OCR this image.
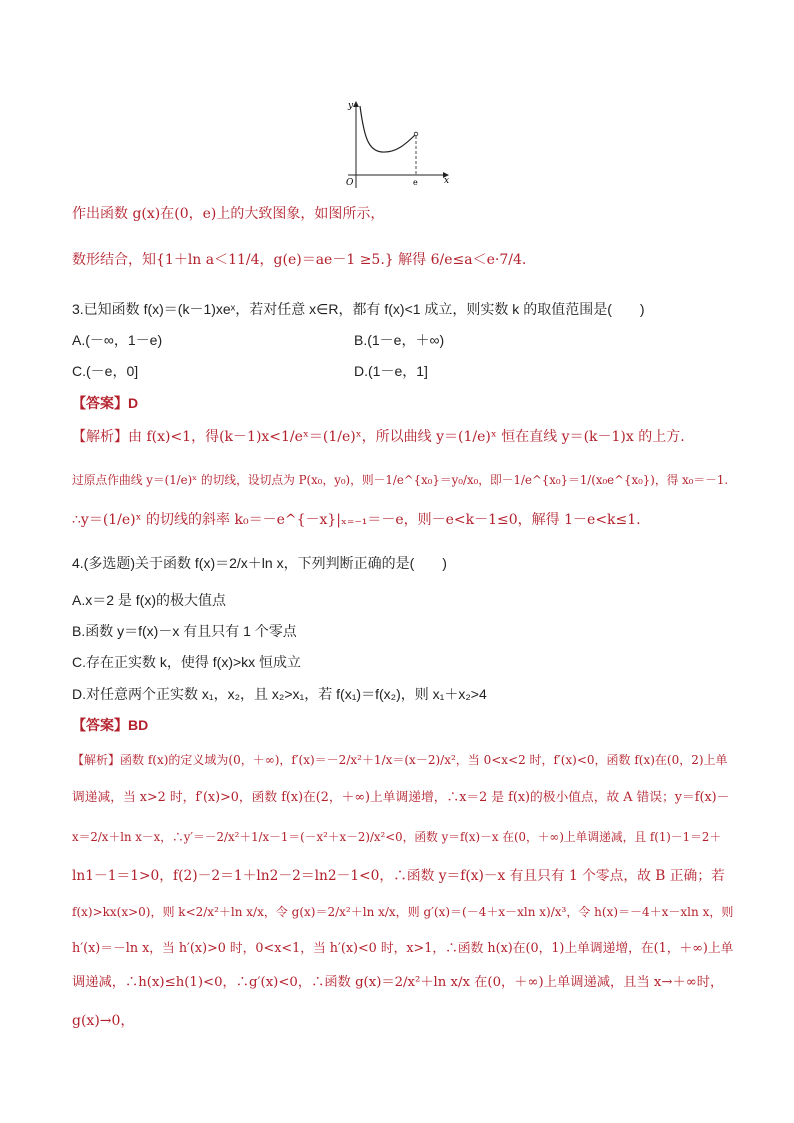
y
x
O	e
作出函数 g(x)在(0，e)上的大致图象，如图所示，
数形结合，知{1＋ln a＜11/4，g(e)＝ae－1 ≥5.} 解得 6/e≤a＜e·7/4.
3.已知函数 f(x)＝(k－1)xeˣ，若对任意 x∈R，都有 f(x)<1 成立，则实数 k 的取值范围是(　　)
A.(－∞，1－e)	B.(1－e，＋∞)
C.(－e，0]	D.(1－e，1]
【答案】D
【解析】由 f(x)<1，得(k－1)x<1/eˣ＝(1/e)ˣ，所以曲线 y＝(1/e)ˣ 恒在直线 y＝(k－1)x 的上方.
过原点作曲线 y＝(1/e)ˣ 的切线，设切点为 P(x₀，y₀)，则－1/e^{x₀}＝y₀/x₀，即－1/e^{x₀}＝1/(x₀e^{x₀})，得 x₀＝－1.
∴y＝(1/e)ˣ 的切线的斜率 k₀＝－e^{－x}|ₓ₌₋₁＝－e，则－e<k－1≤0，解得 1－e<k≤1.
4.(多选题)关于函数 f(x)＝2/x＋ln x，下列判断正确的是(　　)
A.x＝2 是 f(x)的极大值点
B.函数 y＝f(x)－x 有且只有 1 个零点
C.存在正实数 k，使得 f(x)>kx 恒成立
D.对任意两个正实数 x₁，x₂，且 x₂>x₁，若 f(x₁)＝f(x₂)，则 x₁＋x₂>4
【答案】BD
【解析】函数 f(x)的定义域为(0，＋∞)，f′(x)＝－2/x²＋1/x＝(x－2)/x²，当 0<x<2 时，f′(x)<0，函数 f(x)在(0，2)上单
调递减，当 x>2 时，f′(x)>0，函数 f(x)在(2，＋∞)上单调递增，∴x＝2 是 f(x)的极小值点，故 A 错误；y＝f(x)－
x＝2/x＋ln x－x，∴y′＝－2/x²＋1/x－1＝(－x²＋x－2)/x²<0，函数 y＝f(x)－x 在(0，＋∞)上单调递减，且 f(1)－1＝2＋
ln1－1＝1>0，f(2)－2＝1＋ln2－2＝ln2－1<0，∴函数 y＝f(x)－x 有且只有 1 个零点，故 B 正确；若
f(x)>kx(x>0)，则 k<2/x²＋ln x/x，令 g(x)＝2/x²＋ln x/x，则 g′(x)＝(－4＋x－xln x)/x³，令 h(x)＝－4＋x－xln x，则
h′(x)＝－ln x，当 h′(x)>0 时，0<x<1，当 h′(x)<0 时，x>1，∴函数 h(x)在(0，1)上单调递增，在(1，＋∞)上单
调递减，∴h(x)≤h(1)<0，∴g′(x)<0，∴函数 g(x)＝2/x²＋ln x/x 在(0，＋∞)上单调递减，且当 x→＋∞时，
g(x)→0，
